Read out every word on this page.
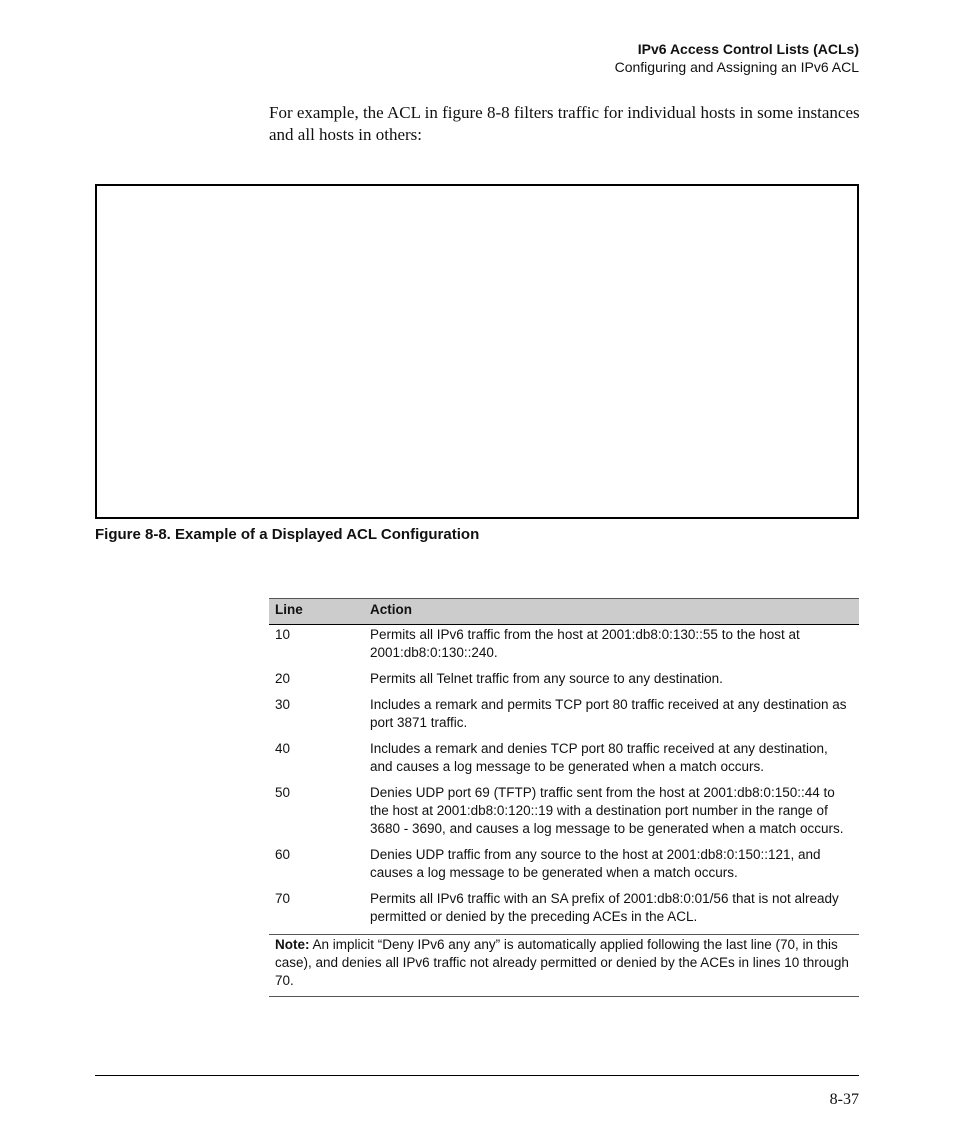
IPv6 Access Control Lists (ACLs)
Configuring and Assigning an IPv6 ACL

For example, the ACL in figure 8-8 filters traffic for individual hosts in some instances and all hosts in others:

Figure 8-8. Example of a Displayed ACL Configuration
Line	Action
10	Permits all IPv6 traffic from the host at 2001:db8:0:130::55 to the host at 2001:db8:0:130::240.
20	Permits all Telnet traffic from any source to any destination.
30	Includes a remark and permits TCP port 80 traffic received at any destination as port 3871 traffic.
40	Includes a remark and denies TCP port 80 traffic received at any destination, and causes a log message to be generated when a match occurs.
50	Denies UDP port 69 (TFTP) traffic sent from the host at 2001:db8:0:150::44 to the host at 2001:db8:0:120::19 with a destination port number in the range of 3680 - 3690, and causes a log message to be generated when a match occurs.
60	Denies UDP traffic from any source to the host at 2001:db8:0:150::121, and causes a log message to be generated when a match occurs.
70	Permits all IPv6 traffic with an SA prefix of 2001:db8:0:01/56 that is not already permitted or denied by the preceding ACEs in the ACL.
Note: An implicit “Deny IPv6 any any” is automatically applied following the last line (70, in this case), and denies all IPv6 traffic not already permitted or denied by the ACEs in lines 10 through 70.	
8-37
